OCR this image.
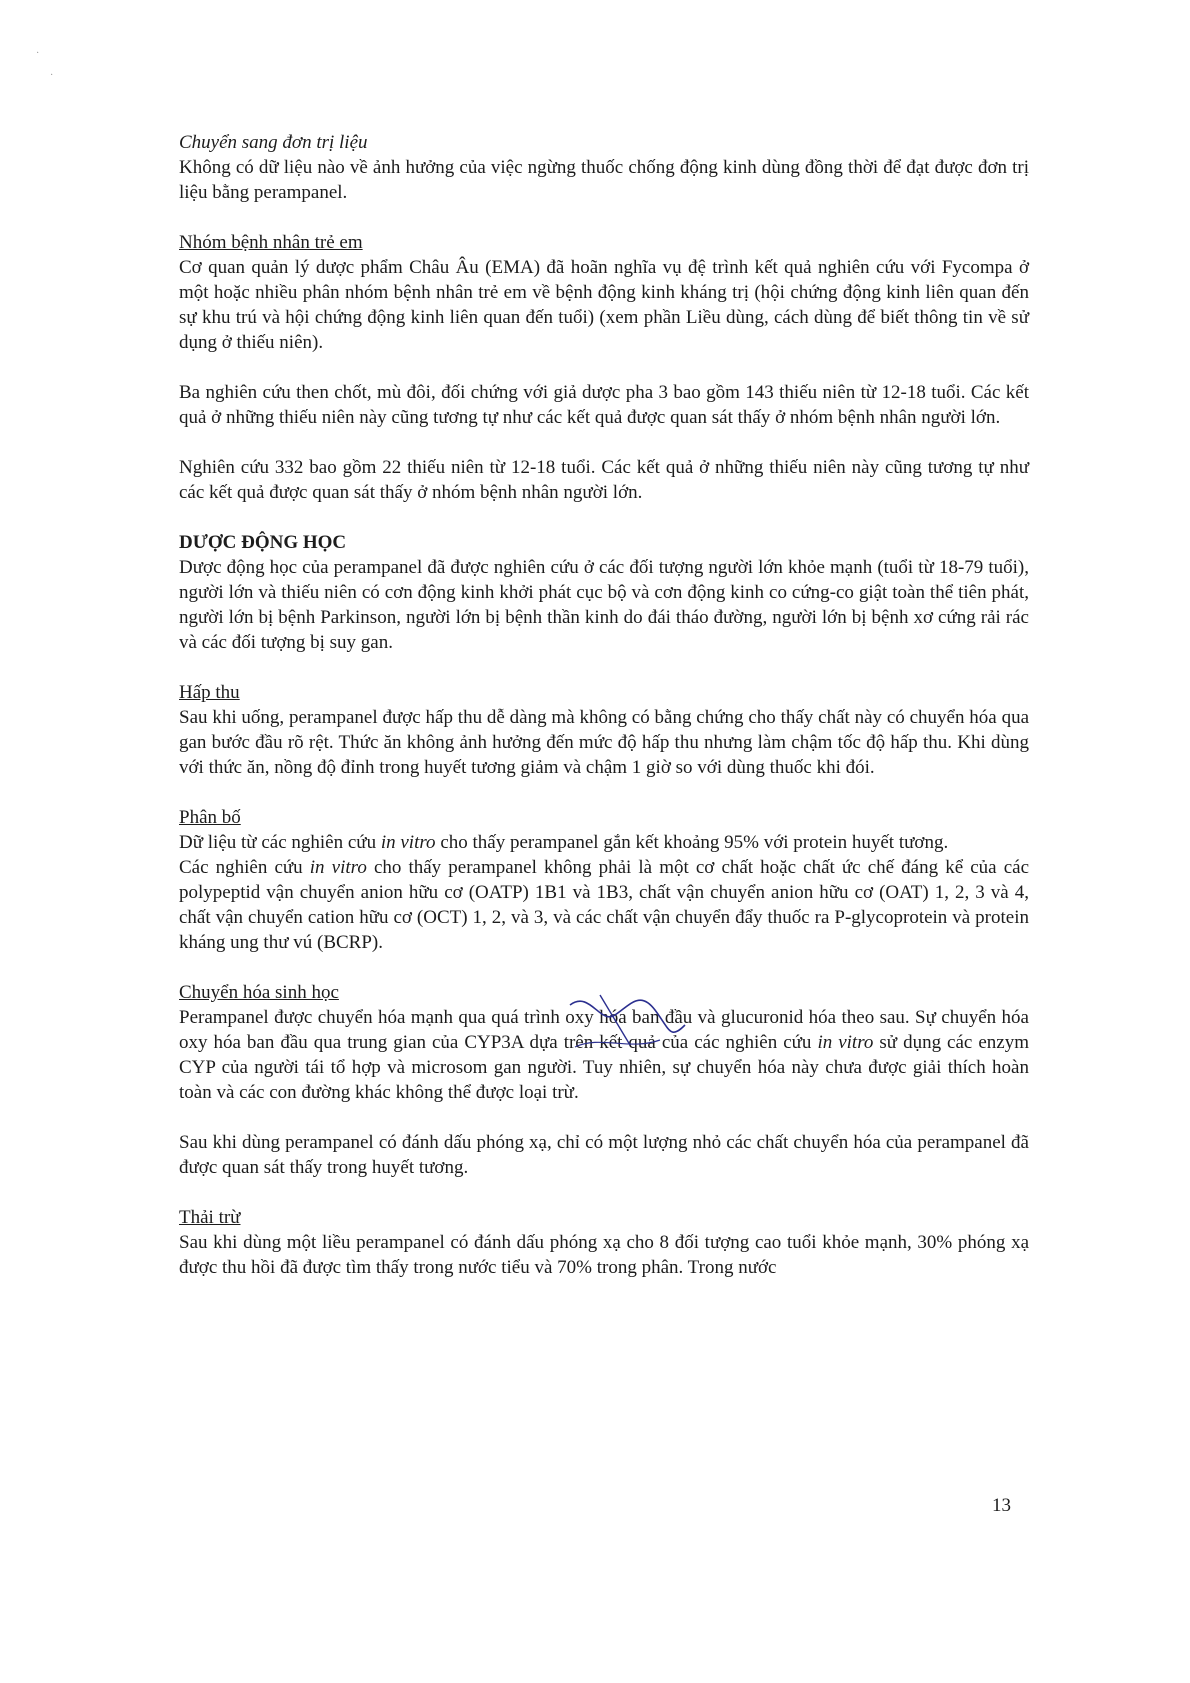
·
·

Chuyển sang đơn trị liệu

Không có dữ liệu nào về ảnh hưởng của việc ngừng thuốc chống động kinh dùng đồng thời để đạt được đơn trị liệu bằng perampanel.

Nhóm bệnh nhân trẻ em

Cơ quan quản lý dược phẩm Châu Âu (EMA) đã hoãn nghĩa vụ đệ trình kết quả nghiên cứu với Fycompa ở một hoặc nhiều phân nhóm bệnh nhân trẻ em về bệnh động kinh kháng trị (hội chứng động kinh liên quan đến sự khu trú và hội chứng động kinh liên quan đến tuổi) (xem phần Liều dùng, cách dùng để biết thông tin về sử dụng ở thiếu niên).

Ba nghiên cứu then chốt, mù đôi, đối chứng với giả dược pha 3 bao gồm 143 thiếu niên từ 12-18 tuổi. Các kết quả ở những thiếu niên này cũng tương tự như các kết quả được quan sát thấy ở nhóm bệnh nhân người lớn.

Nghiên cứu 332 bao gồm 22 thiếu niên từ 12-18 tuổi. Các kết quả ở những thiếu niên này cũng tương tự như các kết quả được quan sát thấy ở nhóm bệnh nhân người lớn.

DƯỢC ĐỘNG HỌC

Dược động học của perampanel đã được nghiên cứu ở các đối tượng người lớn khỏe mạnh (tuổi từ 18-79 tuổi), người lớn và thiếu niên có cơn động kinh khởi phát cục bộ và cơn động kinh co cứng-co giật toàn thể tiên phát, người lớn bị bệnh Parkinson, người lớn bị bệnh thần kinh do đái tháo đường, người lớn bị bệnh xơ cứng rải rác và các đối tượng bị suy gan.

Hấp thu

Sau khi uống, perampanel được hấp thu dễ dàng mà không có bằng chứng cho thấy chất này có chuyển hóa qua gan bước đầu rõ rệt. Thức ăn không ảnh hưởng đến mức độ hấp thu nhưng làm chậm tốc độ hấp thu. Khi dùng với thức ăn, nồng độ đỉnh trong huyết tương giảm và chậm 1 giờ so với dùng thuốc khi đói.

Phân bố

Dữ liệu từ các nghiên cứu in vitro cho thấy perampanel gắn kết khoảng 95% với protein huyết tương.

Các nghiên cứu in vitro cho thấy perampanel không phải là một cơ chất hoặc chất ức chế đáng kể của các polypeptid vận chuyển anion hữu cơ (OATP) 1B1 và 1B3, chất vận chuyển anion hữu cơ (OAT) 1, 2, 3 và 4, chất vận chuyển cation hữu cơ (OCT) 1, 2, và 3, và các chất vận chuyển đẩy thuốc ra P-glycoprotein và protein kháng ung thư vú (BCRP).

Chuyển hóa sinh học

Perampanel được chuyển hóa mạnh qua quá trình oxy hóa ban đầu và glucuronid hóa theo sau. Sự chuyển hóa oxy hóa ban đầu qua trung gian của CYP3A dựa trên kết quả của các nghiên cứu in vitro sử dụng các enzym CYP của người tái tổ hợp và microsom gan người. Tuy nhiên, sự chuyển hóa này chưa được giải thích hoàn toàn và các con đường khác không thể được loại trừ.

Sau khi dùng perampanel có đánh dấu phóng xạ, chỉ có một lượng nhỏ các chất chuyển hóa của perampanel đã được quan sát thấy trong huyết tương.

Thải trừ

Sau khi dùng một liều perampanel có đánh dấu phóng xạ cho 8 đối tượng cao tuổi khỏe mạnh, 30% phóng xạ được thu hồi đã được tìm thấy trong nước tiểu và 70% trong phân. Trong nước

13
